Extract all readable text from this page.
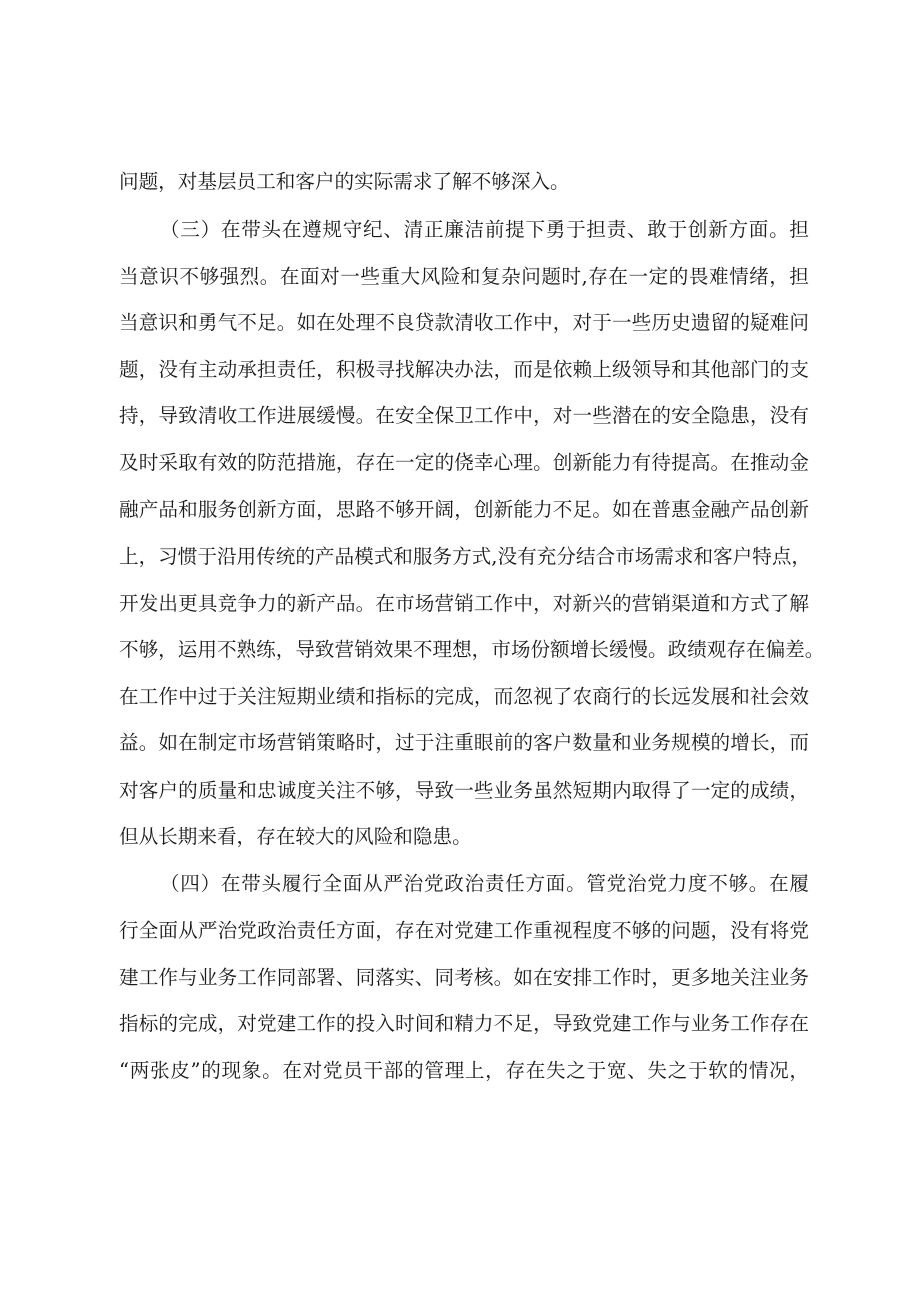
问题，对基层员工和客户的实际需求了解不够深入。
（三）在带头在遵规守纪、清正廉洁前提下勇于担责、敢于创新方面。担
当意识不够强烈。在面对一些重大风险和复杂问题时,存在一定的畏难情绪，担
当意识和勇气不足。如在处理不良贷款清收工作中，对于一些历史遗留的疑难问
题，没有主动承担责任，积极寻找解决办法，而是依赖上级领导和其他部门的支
持，导致清收工作进展缓慢。在安全保卫工作中，对一些潜在的安全隐患，没有
及时采取有效的防范措施，存在一定的侥幸心理。创新能力有待提高。在推动金
融产品和服务创新方面，思路不够开阔，创新能力不足。如在普惠金融产品创新
上，习惯于沿用传统的产品模式和服务方式,没有充分结合市场需求和客户特点，
开发出更具竞争力的新产品。在市场营销工作中，对新兴的营销渠道和方式了解
不够，运用不熟练，导致营销效果不理想，市场份额增长缓慢。政绩观存在偏差。
在工作中过于关注短期业绩和指标的完成，而忽视了农商行的长远发展和社会效
益。如在制定市场营销策略时，过于注重眼前的客户数量和业务规模的增长，而
对客户的质量和忠诚度关注不够，导致一些业务虽然短期内取得了一定的成绩，
但从长期来看，存在较大的风险和隐患。
（四）在带头履行全面从严治党政治责任方面。管党治党力度不够。在履
行全面从严治党政治责任方面，存在对党建工作重视程度不够的问题，没有将党
建工作与业务工作同部署、同落实、同考核。如在安排工作时，更多地关注业务
指标的完成，对党建工作的投入时间和精力不足，导致党建工作与业务工作存在
“两张皮”的现象。在对党员干部的管理上，存在失之于宽、失之于软的情况，
